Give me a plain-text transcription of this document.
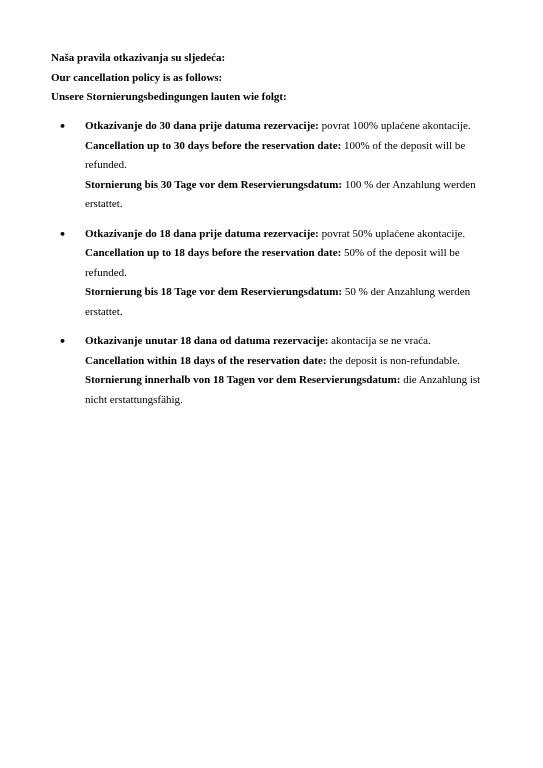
Naša pravila otkazivanja su sljedeća:
Our cancellation policy is as follows:
Unsere Stornierungsbedingungen lauten wie folgt:
• Otkazivanje do 30 dana prije datuma rezervacije: povrat 100% uplaćene akontacije.
Cancellation up to 30 days before the reservation date: 100% of the deposit will be refunded.
Stornierung bis 30 Tage vor dem Reservierungsdatum: 100 % der Anzahlung werden erstattet.
• Otkazivanje do 18 dana prije datuma rezervacije: povrat 50% uplaćene akontacije.
Cancellation up to 18 days before the reservation date: 50% of the deposit will be refunded.
Stornierung bis 18 Tage vor dem Reservierungsdatum: 50 % der Anzahlung werden erstattet.
• Otkazivanje unutar 18 dana od datuma rezervacije: akontacija se ne vraća.
Cancellation within 18 days of the reservation date: the deposit is non-refundable.
Stornierung innerhalb von 18 Tagen vor dem Reservierungsdatum: die Anzahlung ist nicht erstattungsfähig.
